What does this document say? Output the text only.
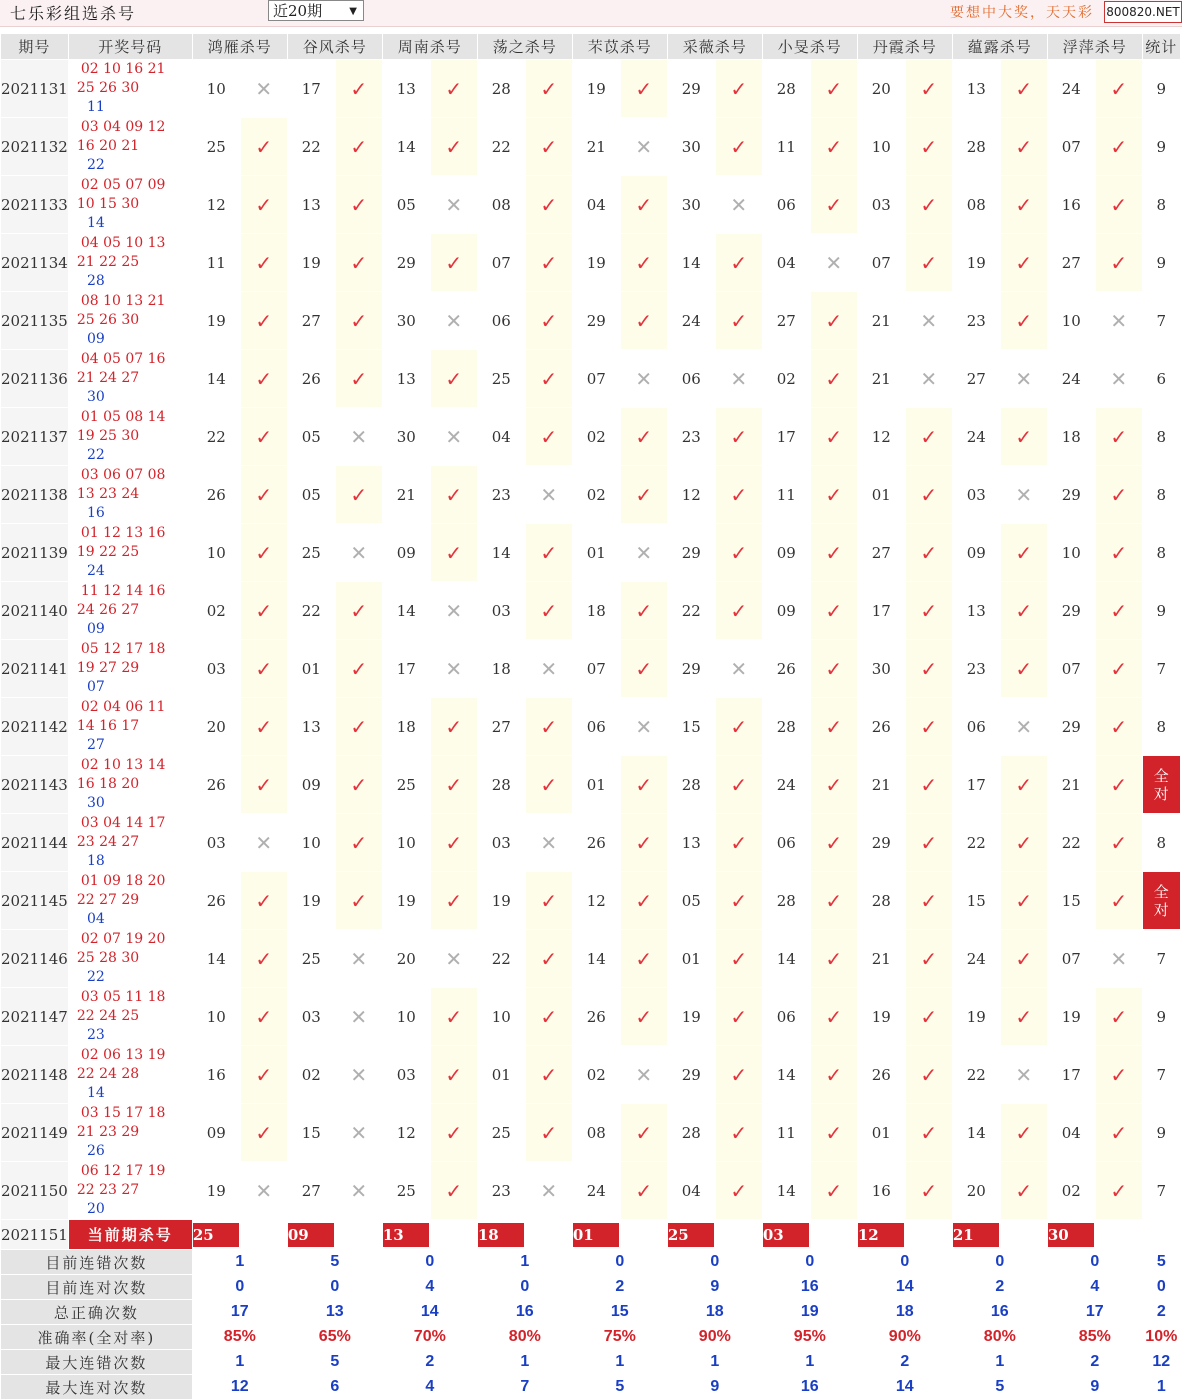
七乐彩组选杀号	近20期	▼	要想中大奖，天天彩 800820.NET
期号	开奖号码	鸿雁杀号		谷风杀号		周南杀号		荡之杀号		芣苡杀号		采薇杀号		小旻杀号		丹霞杀号		蕴露杀号		浮萍杀号		统计
2021131	02 10 16 21
25 26 30
11	10	✕	17	✓	13	✓	28	✓	19	✓	29	✓	28	✓	20	✓	13	✓	24	✓	9
2021132	03 04 09 12
16 20 21
22	25	✓	22	✓	14	✓	22	✓	21	✕	30	✓	11	✓	10	✓	28	✓	07	✓	9
2021133	02 05 07 09
10 15 30
14	12	✓	13	✓	05	✕	08	✓	04	✓	30	✕	06	✓	03	✓	08	✓	16	✓	8
2021134	04 05 10 13
21 22 25
28	11	✓	19	✓	29	✓	07	✓	19	✓	14	✓	04	✕	07	✓	19	✓	27	✓	9
2021135	08 10 13 21
25 26 30
09	19	✓	27	✓	30	✕	06	✓	29	✓	24	✓	27	✓	21	✕	23	✓	10	✕	7
2021136	04 05 07 16
21 24 27
30	14	✓	26	✓	13	✓	25	✓	07	✕	06	✕	02	✓	21	✕	27	✕	24	✕	6
2021137	01 05 08 14
19 25 30
22	22	✓	05	✕	30	✕	04	✓	02	✓	23	✓	17	✓	12	✓	24	✓	18	✓	8
2021138	03 06 07 08
13 23 24
16	26	✓	05	✓	21	✓	23	✕	02	✓	12	✓	11	✓	01	✓	03	✕	29	✓	8
2021139	01 12 13 16
19 22 25
24	10	✓	25	✕	09	✓	14	✓	01	✕	29	✓	09	✓	27	✓	09	✓	10	✓	8
2021140	11 12 14 16
24 26 27
09	02	✓	22	✓	14	✕	03	✓	18	✓	22	✓	09	✓	17	✓	13	✓	29	✓	9
2021141	05 12 17 18
19 27 29
07	03	✓	01	✓	17	✕	18	✕	07	✓	29	✕	26	✓	30	✓	23	✓	07	✓	7
2021142	02 04 06 11
14 16 17
27	20	✓	13	✓	18	✓	27	✓	06	✕	15	✓	28	✓	26	✓	06	✕	29	✓	8
2021143	02 10 13 14
16 18 20
30	26	✓	09	✓	25	✓	28	✓	01	✓	28	✓	24	✓	21	✓	17	✓	21	✓	全
对
2021144	03 04 14 17
23 24 27
18	03	✕	10	✓	10	✓	03	✕	26	✓	13	✓	06	✓	29	✓	22	✓	22	✓	8
2021145	01 09 18 20
22 27 29
04	26	✓	19	✓	19	✓	19	✓	12	✓	05	✓	28	✓	28	✓	15	✓	15	✓	全
对
2021146	02 07 19 20
25 28 30
22	14	✓	25	✕	20	✕	22	✓	14	✓	01	✓	14	✓	21	✓	24	✓	07	✕	7
2021147	03 05 11 18
22 24 25
23	10	✓	03	✕	10	✓	10	✓	26	✓	19	✓	06	✓	19	✓	19	✓	19	✓	9
2021148	02 06 13 19
22 24 28
14	16	✓	02	✕	03	✓	01	✓	02	✕	29	✓	14	✓	26	✓	22	✕	17	✓	7
2021149	03 15 17 18
21 23 29
26	09	✓	15	✕	12	✓	25	✓	08	✓	28	✓	11	✓	01	✓	14	✓	04	✓	9
2021150	06 12 17 19
22 23 27
20	19	✕	27	✕	25	✓	23	✕	24	✓	04	✓	14	✓	16	✓	20	✓	02	✓	7
2021151	当前期杀号	25		09		13		18		01		25		03		12		21		30		
目前连错次数		1		5		0		1		0		0		0		0		0		0		5
目前连对次数		0		0		4		0		2		9		16		14		2		4		0
总正确次数		17		13		14		16		15		18		19		18		16		17		2
准确率(全对率)		85%		65%		70%		80%		75%		90%		95%		90%		80%		85%		10%
最大连错次数		1		5		2		1		1		1		1		2		1		2		12
最大连对次数		12		6		4		7		5		9		16		14		5		9		1
